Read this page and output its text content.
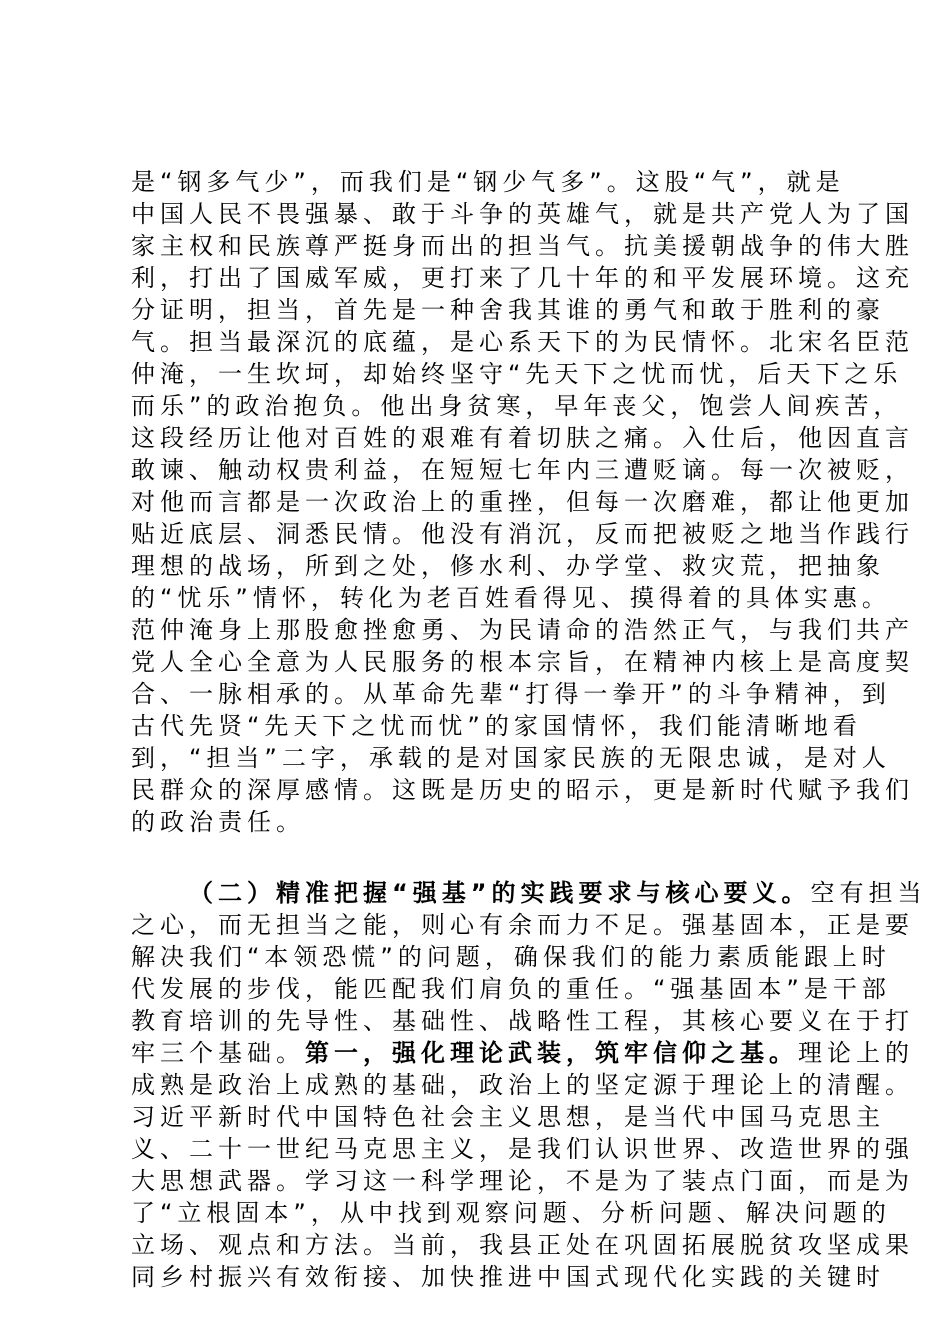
是“钢多气少”，而我们是“钢少气多”。这股“气”，就是
中国人民不畏强暴、敢于斗争的英雄气，就是共产党人为了国
家主权和民族尊严挺身而出的担当气。抗美援朝战争的伟大胜
利，打出了国威军威，更打来了几十年的和平发展环境。这充
分证明，担当，首先是一种舍我其谁的勇气和敢于胜利的豪
气。担当最深沉的底蕴，是心系天下的为民情怀。北宋名臣范
仲淹，一生坎坷，却始终坚守“先天下之忧而忧，后天下之乐
而乐”的政治抱负。他出身贫寒，早年丧父，饱尝人间疾苦，
这段经历让他对百姓的艰难有着切肤之痛。入仕后，他因直言
敢谏、触动权贵利益，在短短七年内三遭贬谪。每一次被贬，
对他而言都是一次政治上的重挫，但每一次磨难，都让他更加
贴近底层、洞悉民情。他没有消沉，反而把被贬之地当作践行
理想的战场，所到之处，修水利、办学堂、救灾荒，把抽象
的“忧乐”情怀，转化为老百姓看得见、摸得着的具体实惠。
范仲淹身上那股愈挫愈勇、为民请命的浩然正气，与我们共产
党人全心全意为人民服务的根本宗旨，在精神内核上是高度契
合、一脉相承的。从革命先辈“打得一拳开”的斗争精神，到
古代先贤“先天下之忧而忧”的家国情怀，我们能清晰地看
到，“担当”二字，承载的是对国家民族的无限忠诚，是对人
民群众的深厚感情。这既是历史的昭示，更是新时代赋予我们
的政治责任。

（二）精准把握“强基”的实践要求与核心要义。空有担当
之心，而无担当之能，则心有余而力不足。强基固本，正是要
解决我们“本领恐慌”的问题，确保我们的能力素质能跟上时
代发展的步伐，能匹配我们肩负的重任。“强基固本”是干部
教育培训的先导性、基础性、战略性工程，其核心要义在于打
牢三个基础。第一，强化理论武装，筑牢信仰之基。理论上的
成熟是政治上成熟的基础，政治上的坚定源于理论上的清醒。
习近平新时代中国特色社会主义思想，是当代中国马克思主
义、二十一世纪马克思主义，是我们认识世界、改造世界的强
大思想武器。学习这一科学理论，不是为了装点门面，而是为
了“立根固本”，从中找到观察问题、分析问题、解决问题的
立场、观点和方法。当前，我县正处在巩固拓展脱贫攻坚成果
同乡村振兴有效衔接、加快推进中国式现代化实践的关键时
